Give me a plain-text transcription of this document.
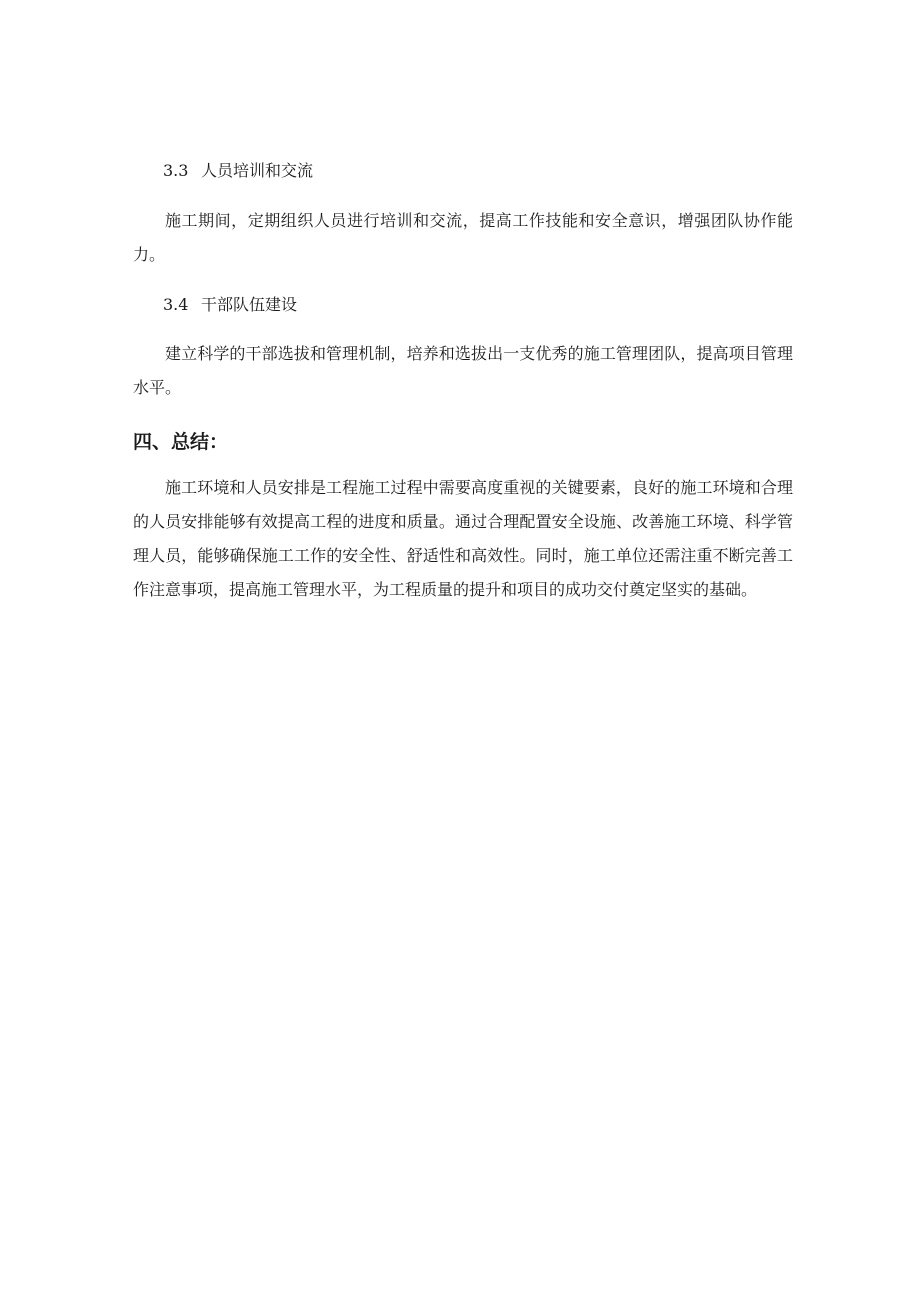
3.3 人员培训和交流

施工期间，定期组织人员进行培训和交流，提高工作技能和安全意识，增强团队协作能力。

3.4 干部队伍建设

建立科学的干部选拔和管理机制，培养和选拔出一支优秀的施工管理团队，提高项目管理水平。

四、总结：

施工环境和人员安排是工程施工过程中需要高度重视的关键要素，良好的施工环境和合理的人员安排能够有效提高工程的进度和质量。通过合理配置安全设施、改善施工环境、科学管理人员，能够确保施工工作的安全性、舒适性和高效性。同时，施工单位还需注重不断完善工作注意事项，提高施工管理水平，为工程质量的提升和项目的成功交付奠定坚实的基础。
